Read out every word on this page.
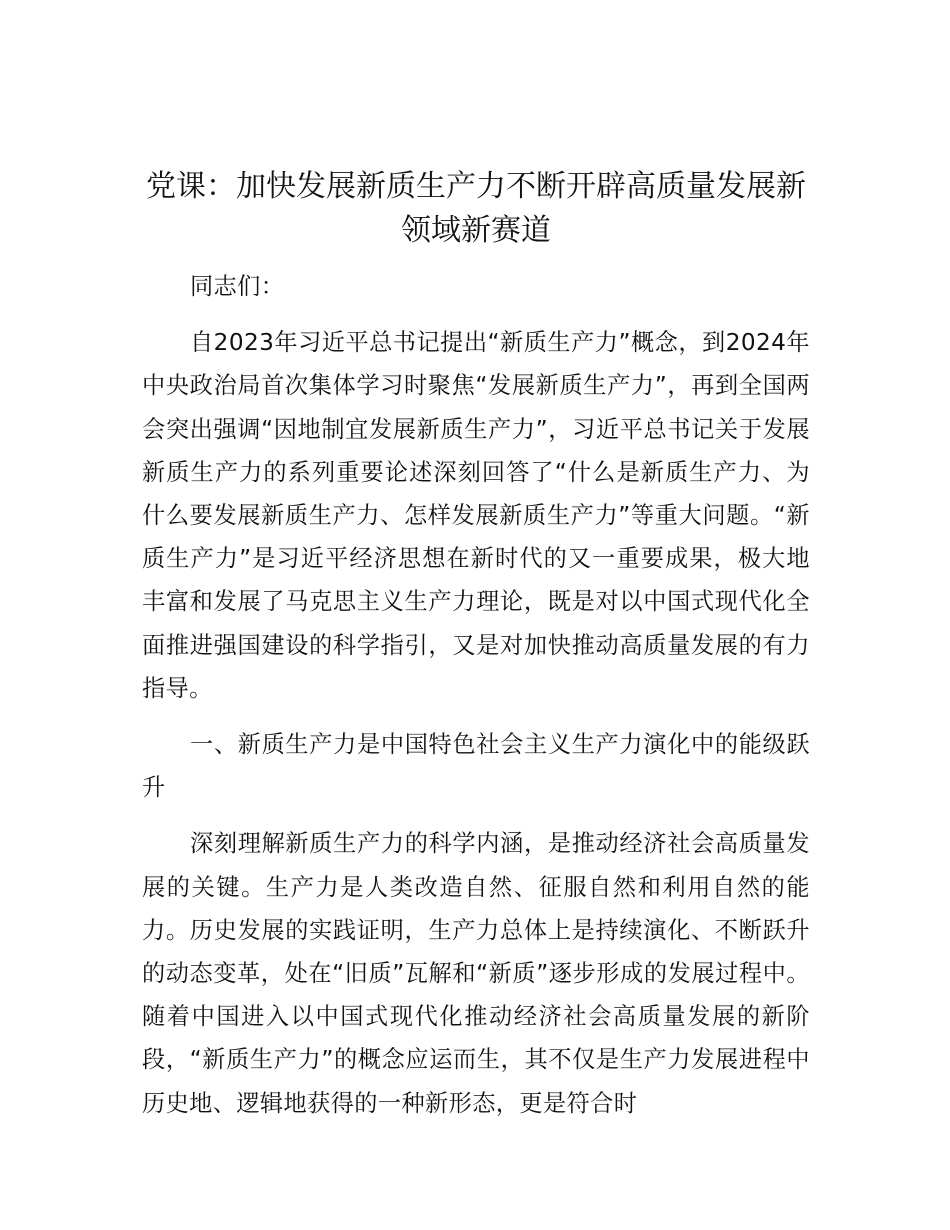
党课：加快发展新质生产力不断开辟高质量发展新领域新赛道

同志们：

自2023年习近平总书记提出“新质生产力”概念，到2024年中央政治局首次集体学习时聚焦“发展新质生产力”，再到全国两会突出强调“因地制宜发展新质生产力”，习近平总书记关于发展新质生产力的系列重要论述深刻回答了“什么是新质生产力、为什么要发展新质生产力、怎样发展新质生产力”等重大问题。“新质生产力”是习近平经济思想在新时代的又一重要成果，极大地丰富和发展了马克思主义生产力理论，既是对以中国式现代化全面推进强国建设的科学指引，又是对加快推动高质量发展的有力指导。

一、新质生产力是中国特色社会主义生产力演化中的能级跃升

深刻理解新质生产力的科学内涵，是推动经济社会高质量发展的关键。生产力是人类改造自然、征服自然和利用自然的能力。历史发展的实践证明，生产力总体上是持续演化、不断跃升的动态变革，处在“旧质”瓦解和“新质”逐步形成的发展过程中。随着中国进入以中国式现代化推动经济社会高质量发展的新阶段，“新质生产力”的概念应运而生，其不仅是生产力发展进程中历史地、逻辑地获得的一种新形态，更是符合时
